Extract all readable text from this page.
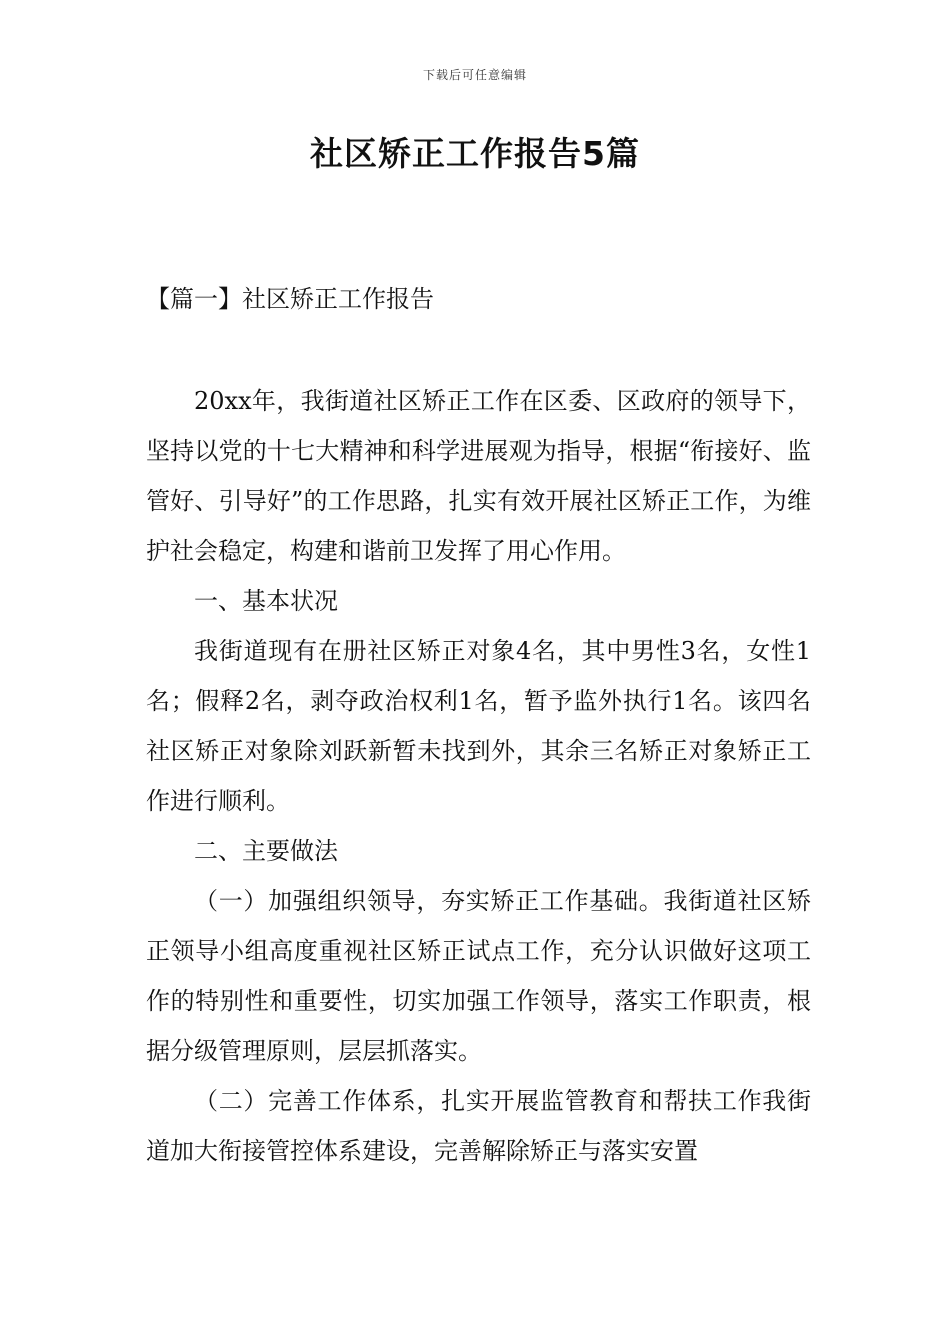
下载后可任意编辑
社区矫正工作报告5篇
【篇一】社区矫正工作报告

20xx年，我街道社区矫正工作在区委、区政府的领导下，坚持以党的十七大精神和科学进展观为指导，根据“衔接好、监管好、引导好”的工作思路，扎实有效开展社区矫正工作，为维护社会稳定，构建和谐前卫发挥了用心作用。

一、基本状况

我街道现有在册社区矫正对象4名，其中男性3名，女性1名；假释2名，剥夺政治权利1名，暂予监外执行1名。该四名社区矫正对象除刘跃新暂未找到外，其余三名矫正对象矫正工作进行顺利。

二、主要做法

（一）加强组织领导，夯实矫正工作基础。我街道社区矫正领导小组高度重视社区矫正试点工作，充分认识做好这项工作的特别性和重要性，切实加强工作领导，落实工作职责，根据分级管理原则，层层抓落实。

（二）完善工作体系，扎实开展监管教育和帮扶工作我街道加大衔接管控体系建设，完善解除矫正与落实安置
